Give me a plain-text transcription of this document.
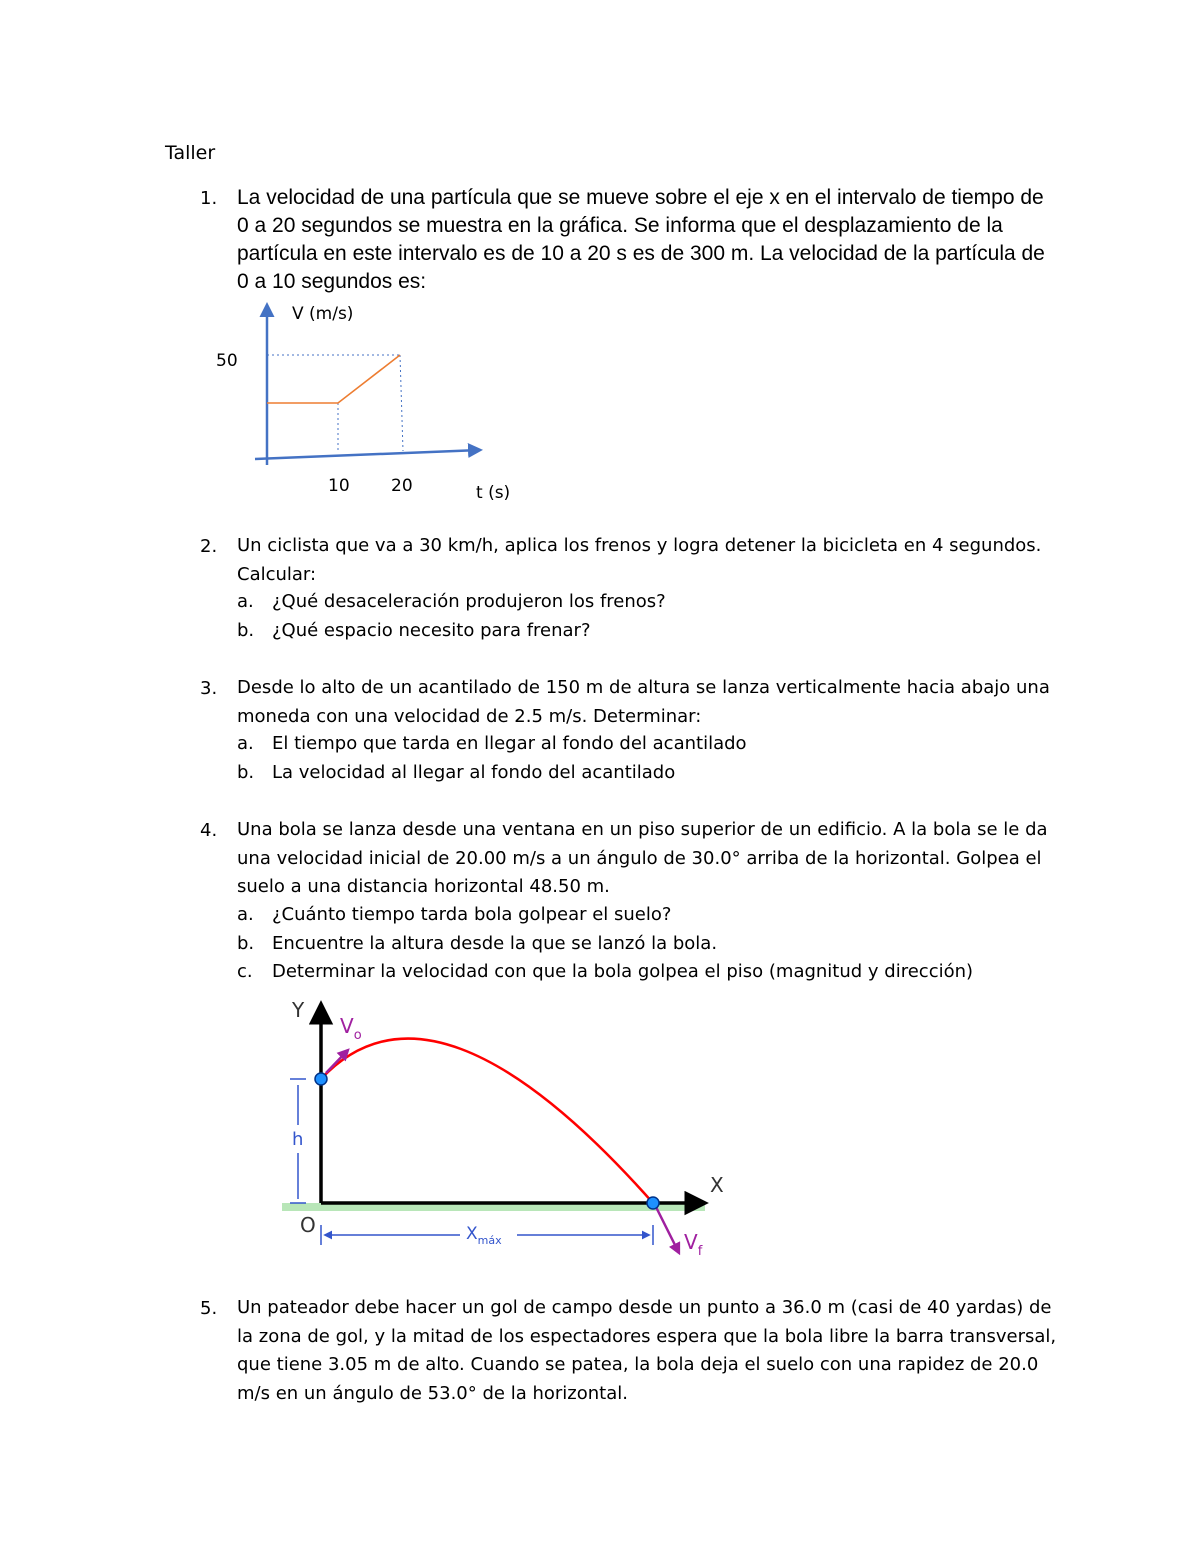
Taller
1. La velocidad de una partícula que se mueve sobre el eje x en el intervalo de tiempo de 0 a 20 segundos se muestra en la gráfica. Se informa que el desplazamiento de la partícula en este intervalo es de 10 a 20 s es de 300 m. La velocidad de la partícula de 0 a 10 segundos es:
V (m/s)
50
10 20	t (s)
2. Un ciclista que va a 30 km/h, aplica los frenos y logra detener la bicicleta en 4 segundos. Calcular:
a. ¿Qué desaceleración produjeron los frenos?
b. ¿Qué espacio necesito para frenar?
3. Desde lo alto de un acantilado de 150 m de altura se lanza verticalmente hacia abajo una moneda con una velocidad de 2.5 m/s. Determinar:
a. El tiempo que tarda en llegar al fondo del acantilado
b. La velocidad al llegar al fondo del acantilado
4. Una bola se lanza desde una ventana en un piso superior de un edificio. A la bola se le da una velocidad inicial de 20.00 m/s a un ángulo de 30.0° arriba de la horizontal. Golpea el suelo a una distancia horizontal 48.50 m.
a. ¿Cuánto tiempo tarda bola golpear el suelo?
b. Encuentre la altura desde la que se lanzó la bola.
c. Determinar la velocidad con que la bola golpea el piso (magnitud y dirección)
Y
X
O
h
$V_o$
$V_f$
$X_{máx}$
5. Un pateador debe hacer un gol de campo desde un punto a 36.0 m (casi de 40 yardas) de la zona de gol, y la mitad de los espectadores espera que la bola libre la barra transversal, que tiene 3.05 m de alto. Cuando se patea, la bola deja el suelo con una rapidez de 20.0 m/s en un ángulo de 53.0° de la horizontal.
